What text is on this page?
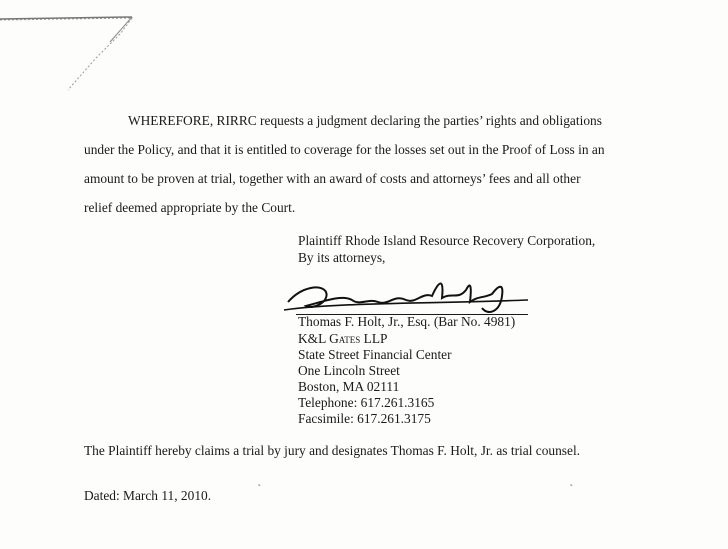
WHEREFORE, RIRRC requests a judgment declaring the parties’ rights and obligations
under the Policy, and that it is entitled to coverage for the losses set out in the Proof of Loss in an
amount to be proven at trial, together with an award of costs and attorneys’ fees and all other
relief deemed appropriate by the Court.
Plaintiff Rhode Island Resource Recovery Corporation,
By its attorneys,
Thomas F. Holt, Jr., Esq. (Bar No. 4981)
K&L Gates LLP
State Street Financial Center
One Lincoln Street
Boston, MA 02111
Telephone: 617.261.3165
Facsimile: 617.261.3175
The Plaintiff hereby claims a trial by jury and designates Thomas F. Holt, Jr. as trial counsel.
˛	˛
Dated: March 11, 2010.
